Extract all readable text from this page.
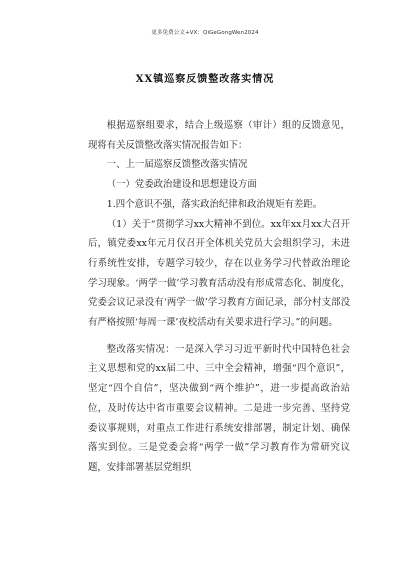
更多免费公文+VX：QiGeGongWen2024
XX镇巡察反馈整改落实情况

根据巡察组要求，结合上级巡察（审计）组的反馈意见，现将有关反馈整改落实情况报告如下：

一、上一届巡察反馈整改落实情况

（一）党委政治建设和思想建设方面

1.四个意识不强，落实政治纪律和政治规矩有差距。

（1）关于“贯彻学习xx大精神不到位。xx年xx月xx大召开后，镇党委xx年元月仅召开全体机关党员大会组织学习，未进行系统性安排，专题学习较少，存在以业务学习代替政治理论学习现象。‘两学一做’学习教育活动没有形成常态化、制度化，党委会议记录没有‘两学一做’学习教育方面记录，部分村支部没有严格按照‘每周一课’夜校活动有关要求进行学习。”的问题。

整改落实情况：一是深入学习习近平新时代中国特色社会主义思想和党的xx届二中、三中全会精神，增强“四个意识”，坚定“四个自信”，坚决做到“两个维护”，进一步提高政治站位，及时传达中省市重要会议精神。二是进一步完善、坚持党委议事规则，对重点工作进行系统安排部署，制定计划、确保落实到位。三是党委会将“两学一做”学习教育作为常研究议题，安排部署基层党组织
